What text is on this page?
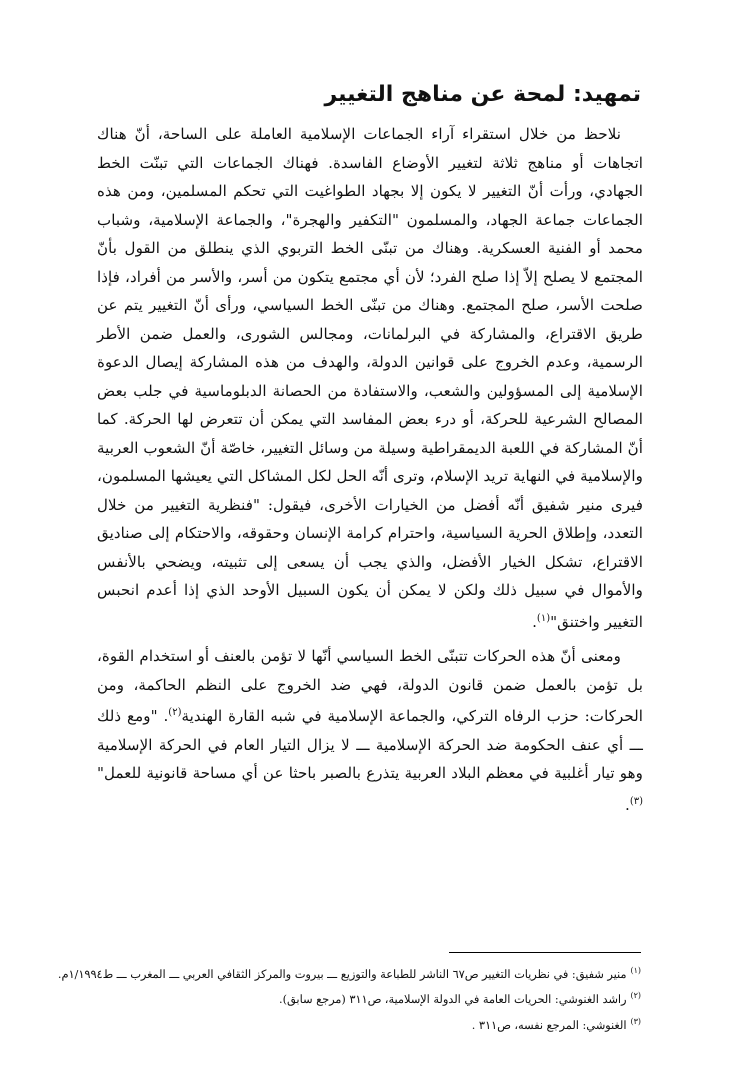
تمهيد: لمحة عن مناهج التغيير

نلاحظ من خلال استقراء آراء الجماعات الإسلامية العاملة على الساحة، أنّ هناك اتجاهات أو مناهج ثلاثة لتغيير الأوضاع الفاسدة. فهناك الجماعات التي تبنّت الخط الجهادي، ورأت أنّ التغيير لا يكون إلا بجهاد الطواغيت التي تحكم المسلمين، ومن هذه الجماعات جماعة الجهاد، والمسلمون "التكفير والهجرة"، والجماعة الإسلامية، وشباب محمد أو الفنية العسكرية. وهناك من تبنّى الخط التربوي الذي ينطلق من القول بأنّ المجتمع لا يصلح إلاّ إذا صلح الفرد؛ لأن أي مجتمع يتكون من أسر، والأسر من أفراد، فإذا صلحت الأسر، صلح المجتمع. وهناك من تبنّى الخط السياسي، ورأى أنّ التغيير يتم عن طريق الاقتراع، والمشاركة في البرلمانات، ومجالس الشورى، والعمل ضمن الأطر الرسمية، وعدم الخروج على قوانين الدولة، والهدف من هذه المشاركة إيصال الدعوة الإسلامية إلى المسؤولين والشعب، والاستفادة من الحصانة الدبلوماسية في جلب بعض المصالح الشرعية للحركة، أو درء بعض المفاسد التي يمكن أن تتعرض لها الحركة. كما أنّ المشاركة في اللعبة الديمقراطية وسيلة من وسائل التغيير، خاصّة أنّ الشعوب العربية والإسلامية في النهاية تريد الإسلام، وترى أنّه الحل لكل المشاكل التي يعيشها المسلمون، فيرى منير شفيق أنّه أفضل من الخيارات الأخرى، فيقول: "فنظرية التغيير من خلال التعدد، وإطلاق الحرية السياسية، واحترام كرامة الإنسان وحقوقه، والاحتكام إلى صناديق الاقتراع، تشكل الخيار الأفضل، والذي يجب أن يسعى إلى تثبيته، ويضحي بالأنفس والأموال في سبيل ذلك ولكن لا يمكن أن يكون السبيل الأوحد الذي إذا أعدم انحبس التغيير واختنق"$^{(١)}$.

ومعنى أنّ هذه الحركات تتبنّى الخط السياسي أنّها لا تؤمن بالعنف أو استخدام القوة، بل تؤمن بالعمل ضمن قانون الدولة، فهي ضد الخروج على النظم الحاكمة، ومن الحركات: حزب الرفاه التركي، والجماعة الإسلامية في شبه القارة الهندية$^{(٢)}$. "ومع ذلك ـــ أي عنف الحكومة ضد الحركة الإسلامية ـــ لا يزال التيار العام في الحركة الإسلامية وهو تيار أغلبية في معظم البلاد العربية يتذرع بالصبر باحثا عن أي مساحة قانونية للعمل"$^{(٣)}$.

$^{(١)}$منير شفيق: في نظريات التغيير ص٦٧ الناشر للطباعة والتوزيع ـــ بيروت والمركز الثقافي العربي ـــ المغرب ـــ ط١/١٩٩٤م.
$^{(٢)}$راشد الغنوشي: الحريات العامة في الدولة الإسلامية، ص٣١١ (مرجع سابق).
$^{(٣)}$الغنوشي: المرجع نفسه، ص٣١١ .
